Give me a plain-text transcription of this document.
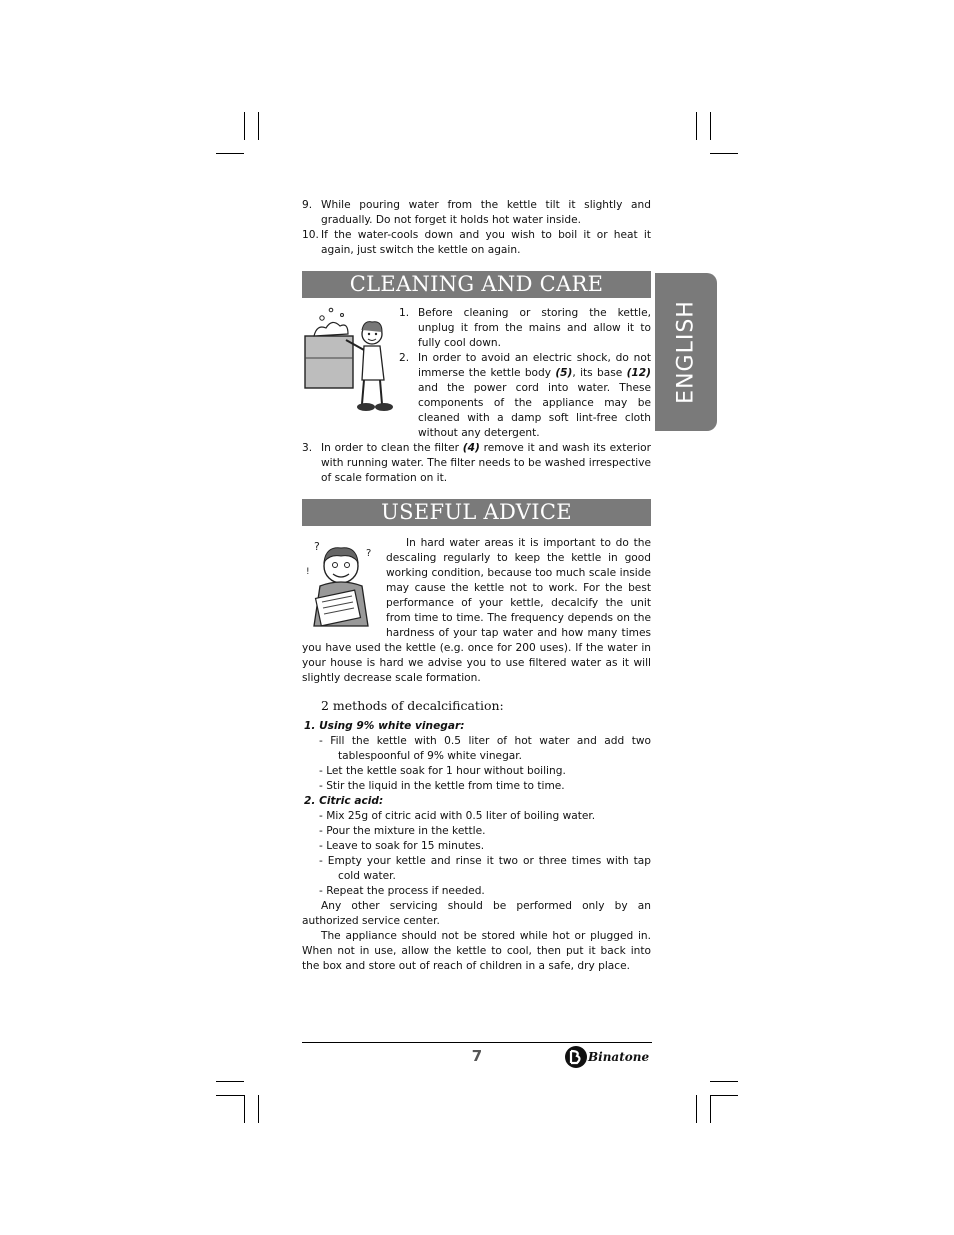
ENGLISH
9. While pouring water from the kettle tilt it slightly and gradually. Do not forget it holds hot water inside.
10. If the water-cools down and you wish to boil it or heat it again, just switch the kettle on again.
CLEANING AND CARE
1. Before cleaning or storing the kettle, unplug it from the mains and allow it to fully cool down.
2. In order to avoid an electric shock, do not immerse the kettle body (5), its base (12) and the power cord into water. These components of the appliance may be cleaned with a damp soft lint-free cloth without any detergent.
3. In order to clean the filter (4) remove it and wash its exterior with running water. The filter needs to be washed irrespective of scale formation on it.
USEFUL ADVICE
?
?
!

In hard water areas it is important to do the descaling regularly to keep the kettle in good working condition, because too much scale inside may cause the kettle not to work. For the best performance of your kettle, decalcify the unit from time to time. The frequency depends on the hardness of your tap water and how many times you have used the kettle (e.g. once for 200 uses). If the water in your house is hard we advise you to use filtered water as it will slightly decrease scale formation.

2 methods of decalcification:
1. Using 9% white vinegar:
- Fill the kettle with 0.5 liter of hot water and add two tablespoonful of 9% white vinegar.
- Let the kettle soak for 1 hour without boiling.
- Stir the liquid in the kettle from time to time.
2. Citric acid:
- Mix 25g of citric acid with 0.5 liter of boiling water.
- Pour the mixture in the kettle.
- Leave to soak for 15 minutes.
- Empty your kettle and rinse it two or three times with tap cold water.
- Repeat the process if needed.

Any other servicing should be performed only by an authorized service center.

The appliance should not be stored while hot or plugged in. When not in use, allow the kettle to cool, then put it back into the box and store out of reach of children in a safe, dry place.

7	Binatone
